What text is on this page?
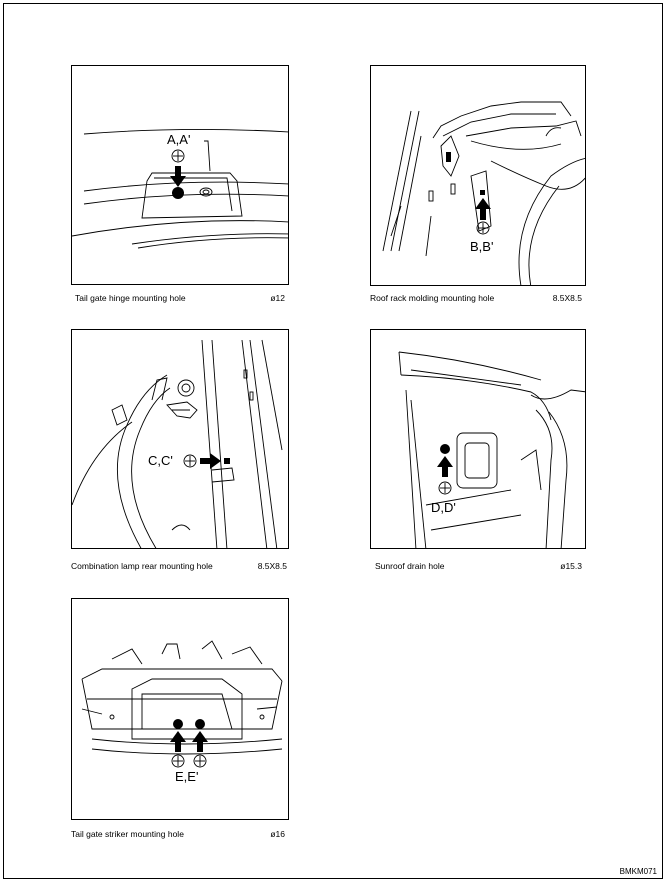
A,A'
Tail gate hinge mounting hole	ø12
B,B'
Roof rack molding mounting hole	8.5X8.5
C,C'
Combination lamp rear mounting hole	8.5X8.5
D,D'
Sunroof drain hole	ø15.3
E,E'
Tail gate striker mounting hole	ø16
BMKM071
